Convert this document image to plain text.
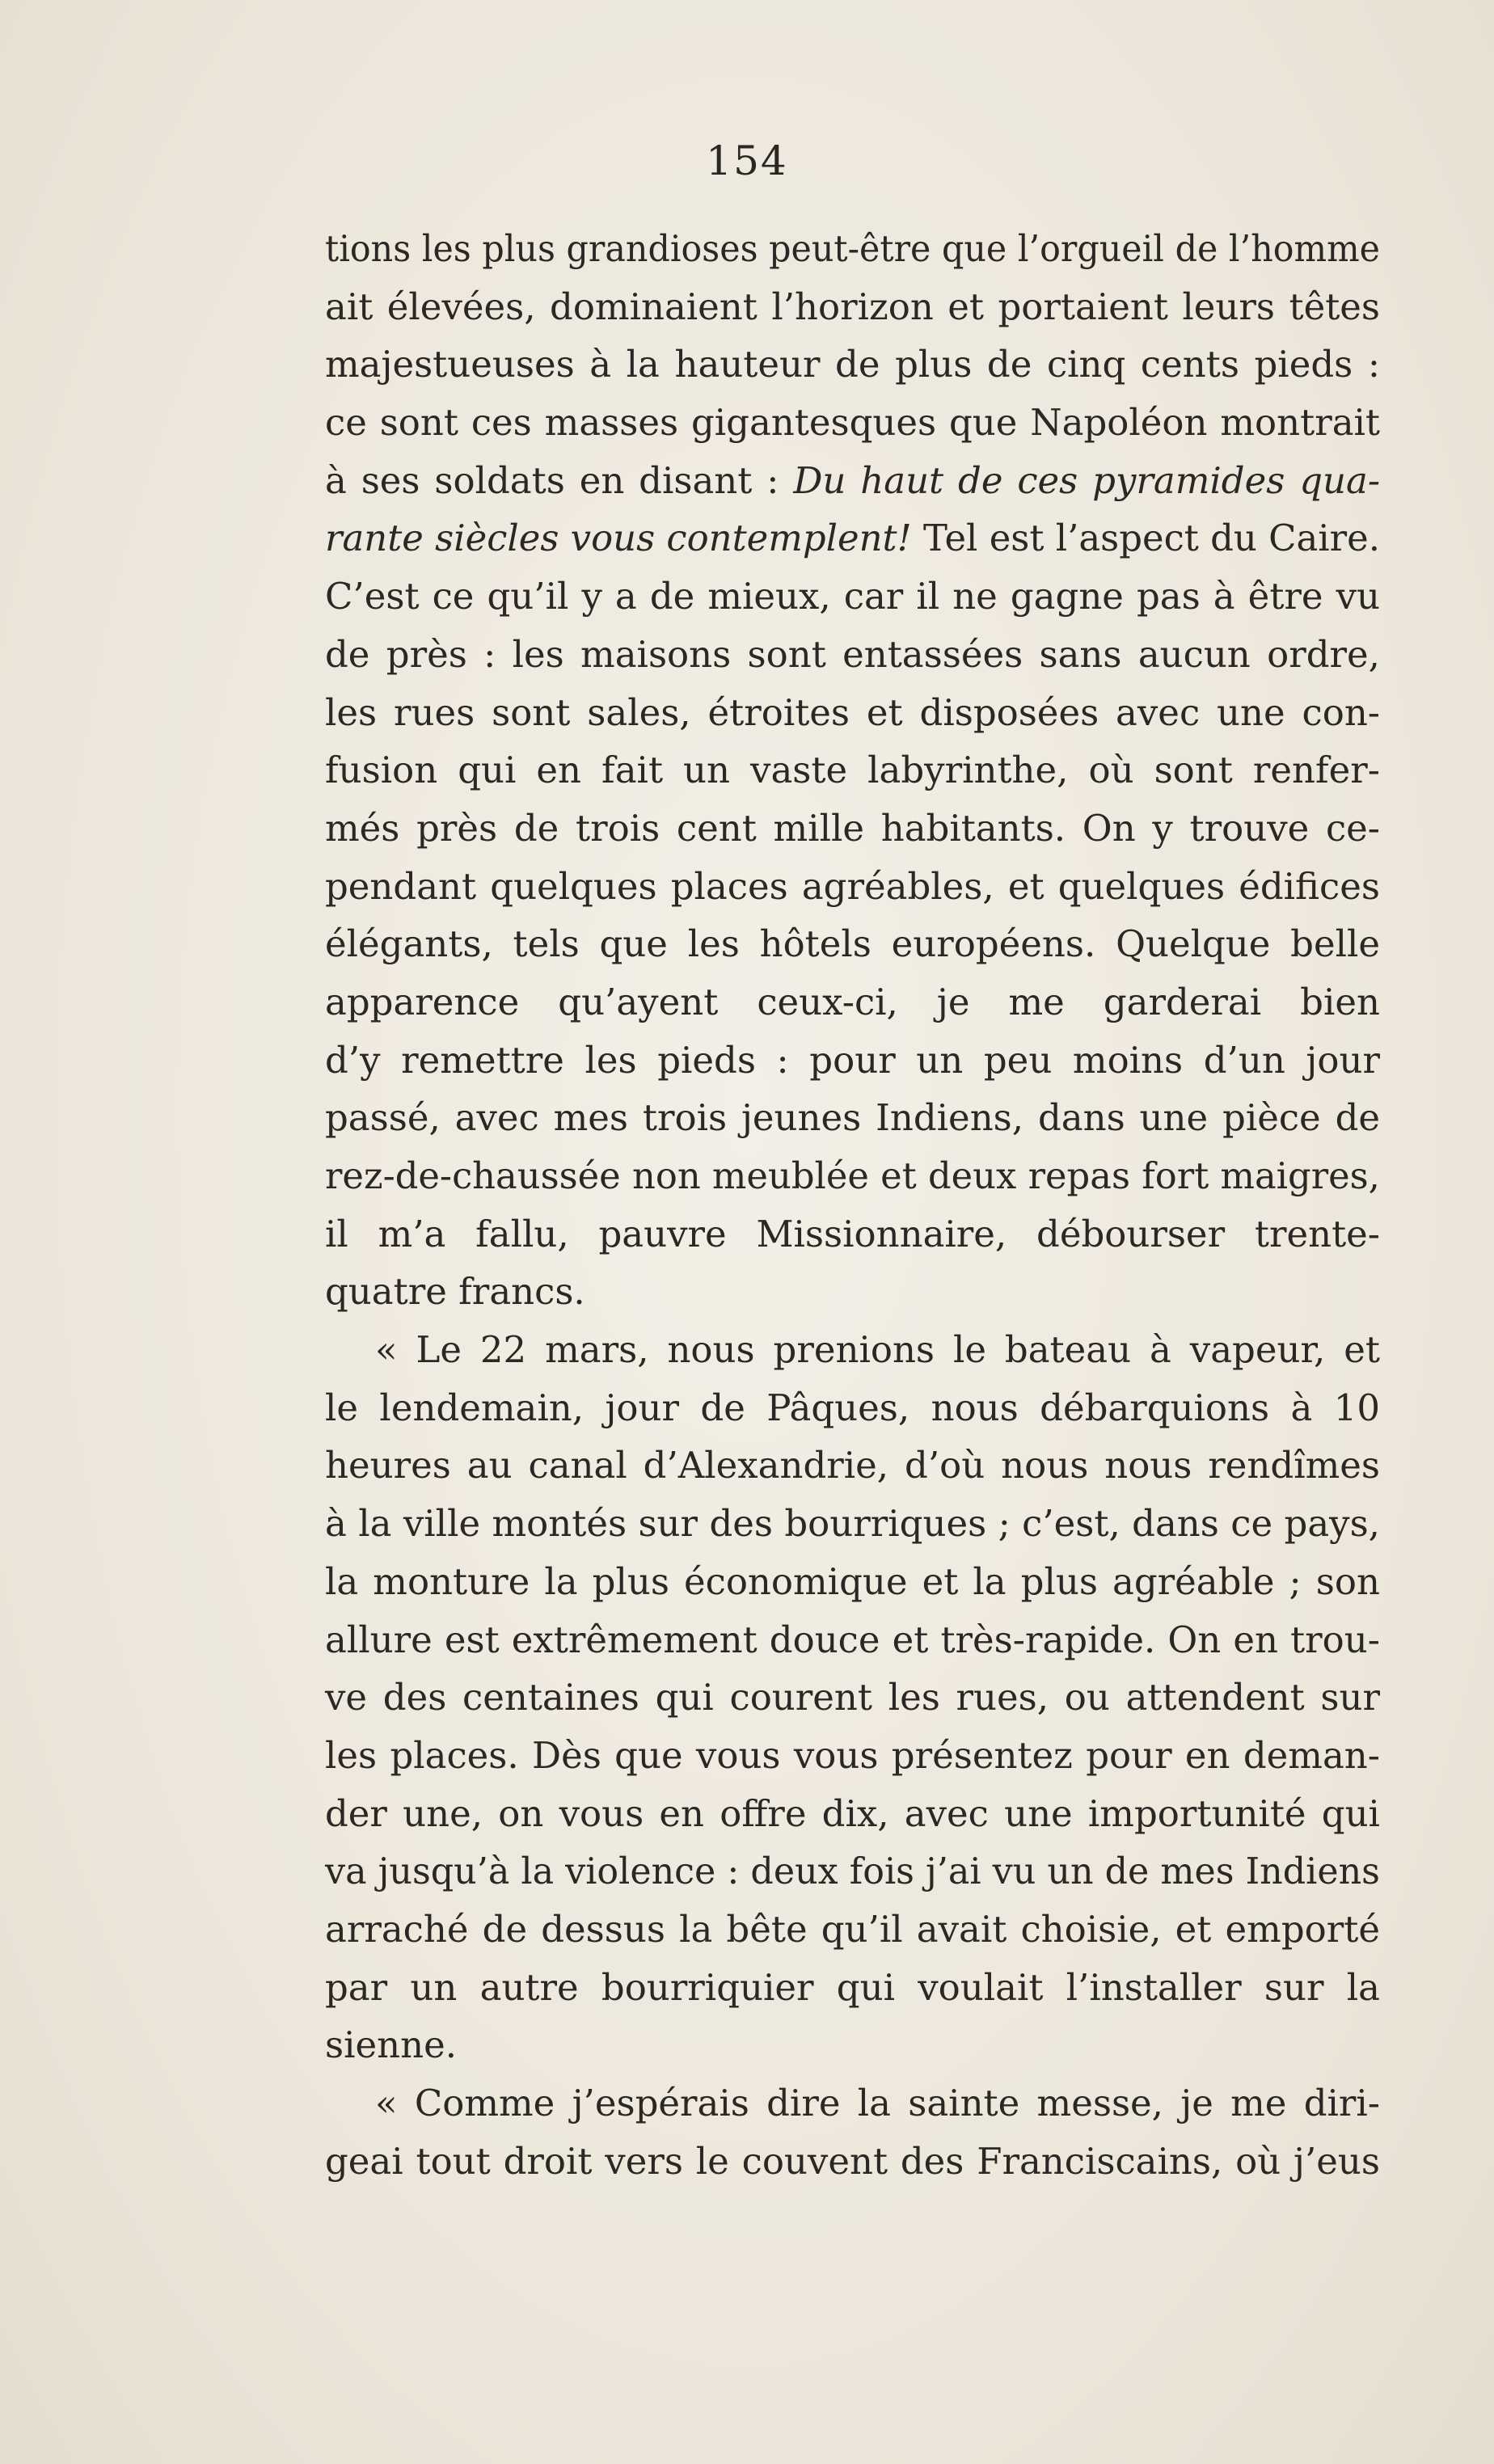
154
tions les plus grandioses peut-être que l’orgueil de l’homme
ait élevées, dominaient l’horizon et portaient leurs têtes
majestueuses à la hauteur de plus de cinq cents pieds :
ce sont ces masses gigantesques que Napoléon montrait
à ses soldats en disant : Du haut de ces pyramides qua-
rante siècles vous contemplent! Tel est l’aspect du Caire.
C’est ce qu’il y a de mieux, car il ne gagne pas à être vu
de près : les maisons sont entassées sans aucun ordre,
les rues sont sales, étroites et disposées avec une con-
fusion qui en fait un vaste labyrinthe, où sont renfer-
més près de trois cent mille habitants. On y trouve ce-
pendant quelques places agréables, et quelques édifices
élégants, tels que les hôtels européens. Quelque belle
apparence qu’ayent ceux-ci, je me garderai bien
d’y remettre les pieds : pour un peu moins d’un jour
passé, avec mes trois jeunes Indiens, dans une pièce de
rez-de-chaussée non meublée et deux repas fort maigres,
il m’a fallu, pauvre Missionnaire, débourser trente-
quatre francs.
« Le 22 mars, nous prenions le bateau à vapeur, et
le lendemain, jour de Pâques, nous débarquions à 10
heures au canal d’Alexandrie, d’où nous nous rendîmes
à la ville montés sur des bourriques ; c’est, dans ce pays,
la monture la plus économique et la plus agréable ; son
allure est extrêmement douce et très-rapide. On en trou-
ve des centaines qui courent les rues, ou attendent sur
les places. Dès que vous vous présentez pour en deman-
der une, on vous en offre dix, avec une importunité qui
va jusqu’à la violence : deux fois j’ai vu un de mes Indiens
arraché de dessus la bête qu’il avait choisie, et emporté
par un autre bourriquier qui voulait l’installer sur la
sienne.
« Comme j’espérais dire la sainte messe, je me diri-
geai tout droit vers le couvent des Franciscains, où j’eus
